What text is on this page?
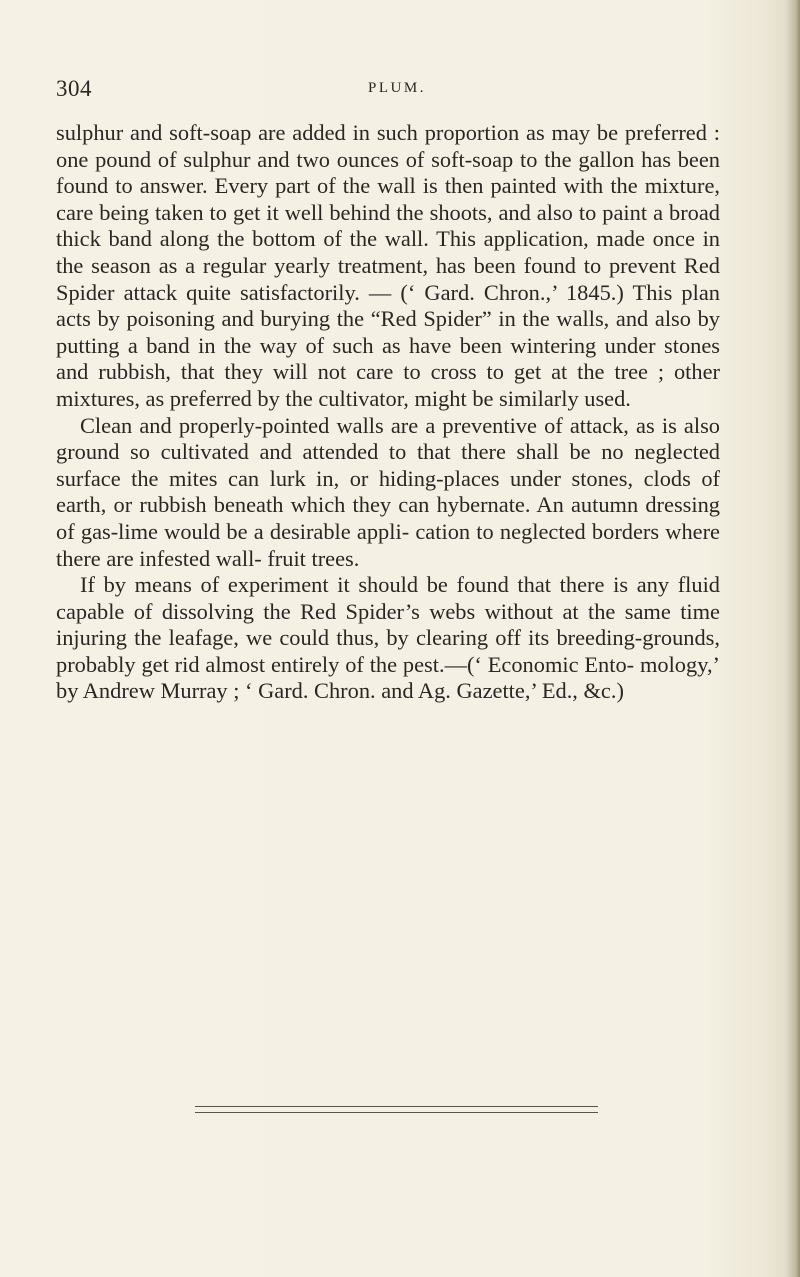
304	PLUM.

sulphur and soft-soap are added in such proportion as may be preferred : one pound of sulphur and two ounces of soft-soap to the gallon has been found to answer. Every part of the wall is then painted with the mixture, care being taken to get it well behind the shoots, and also to paint a broad thick band along the bottom of the wall. This application, made once in the season as a regular yearly treatment, has been found to prevent Red Spider attack quite satisfactorily. — (‘ Gard. Chron.,’ 1845.) This plan acts by poisoning and burying the “Red Spider” in the walls, and also by putting a band in the way of such as have been wintering under stones and rubbish, that they will not care to cross to get at the tree ; other mixtures, as preferred by the cultivator, might be similarly used.

Clean and properly-pointed walls are a preventive of attack, as is also ground so cultivated and attended to that there shall be no neglected surface the mites can lurk in, or hiding-places under stones, clods of earth, or rubbish beneath which they can hybernate. An autumn dressing of gas-lime would be a desirable appli- cation to neglected borders where there are infested wall- fruit trees.

If by means of experiment it should be found that there is any fluid capable of dissolving the Red Spider’s webs without at the same time injuring the leafage, we could thus, by clearing off its breeding-grounds, probably get rid almost entirely of the pest.—(‘ Economic Ento- mology,’ by Andrew Murray ; ‘ Gard. Chron. and Ag. Gazette,’ Ed., &c.)
